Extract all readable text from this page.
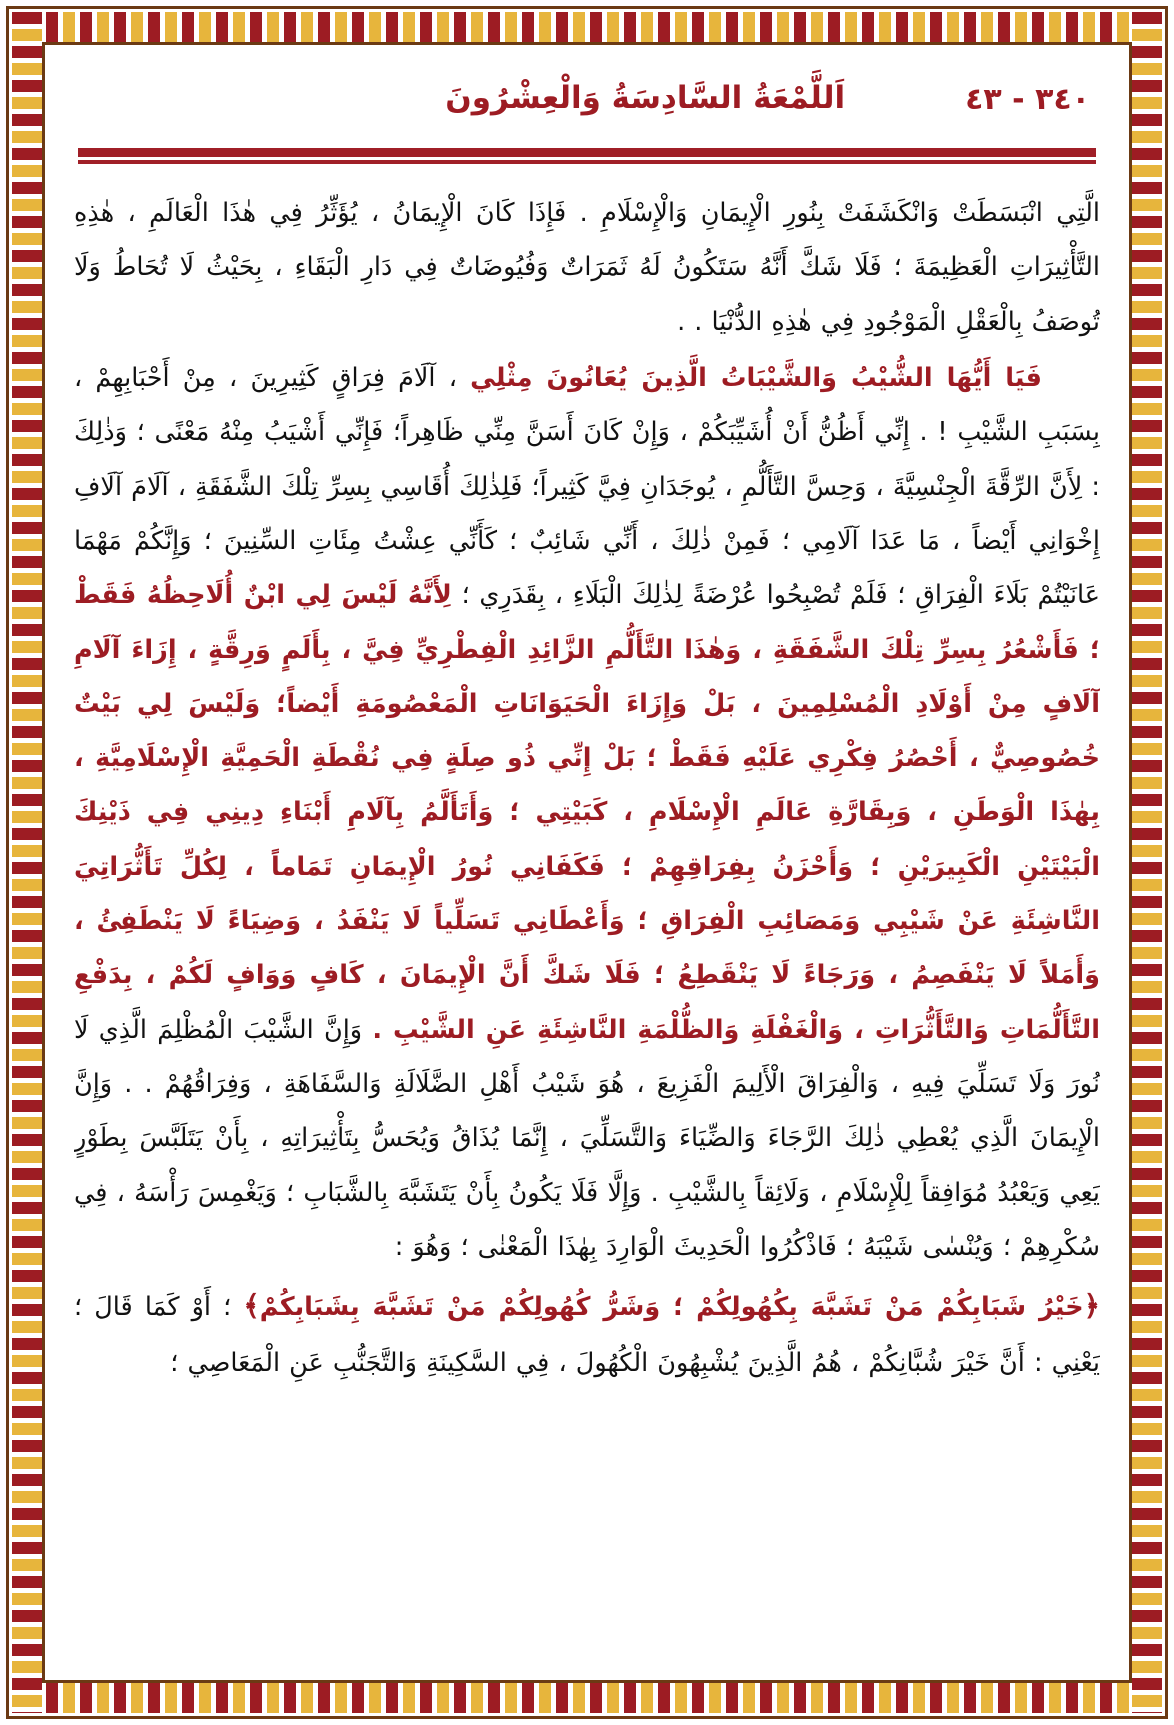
٣٤٠ - ٤٣
اَللَّمْعَةُ السَّادِسَةُ وَالْعِشْرُونَ

الَّتِي انْبَسَطَتْ وَانْكَشَفَتْ بِنُورِ الْإِيمَانِ وَالْإِسْلَامِ . فَإِذَا كَانَ الْإِيمَانُ ، يُؤَثِّرُ فِي هٰذَا الْعَالَمِ ، هٰذِهِ التَّأْثِيرَاتِ الْعَظِيمَةَ ؛ فَلَا شَكَّ أَنَّهُ سَتَكُونُ لَهُ ثَمَرَاتٌ وَفُيُوضَاتٌ فِي دَارِ الْبَقَاءِ ، بِحَيْثُ لَا تُحَاطُ وَلَا تُوصَفُ بِالْعَقْلِ الْمَوْجُودِ فِي هٰذِهِ الدُّنْيَا . .

فَيَا أَيُّهَا الشُّيْبُ وَالشَّيْبَاتُ الَّذِينَ يُعَانُونَ مِثْلِي ، آلَامَ فِرَاقٍ كَثِيرِينَ ، مِنْ أَحْبَابِهِمْ ، بِسَبَبِ الشَّيْبِ ! . إِنِّي أَظُنُّ أَنْ أُشَيِّبَكُمْ ، وَإِنْ كَانَ أَسَنَّ مِنِّي ظَاهِراً؛ فَإِنِّي أَشْيَبُ مِنْهُ مَعْنًى ؛ وَذٰلِكَ : لِأَنَّ الرِّقَّةَ الْجِنْسِيَّةَ ، وَحِسَّ التَّأَلُّمِ ، يُوجَدَانِ فِيَّ كَثِيراً؛ فَلِذٰلِكَ أُقَاسِي بِسِرِّ تِلْكَ الشَّفَقَةِ ، آلَامَ آلَافِ إِخْوَانِي أَيْضاً ، مَا عَدَا آلَامِي ؛ فَمِنْ ذٰلِكَ ، أَنِّي شَائِبٌ ؛ كَأَنِّي عِشْتُ مِئَاتِ السِّنِينَ ؛ وَإِنَّكُمْ مَهْمَا عَانَيْتُمْ بَلَاءَ الْفِرَاقِ ؛ فَلَمْ تُصْبِحُوا عُرْضَةً لِذٰلِكَ الْبَلَاءِ ، بِقَدَرِي ؛ لِأَنَّهُ لَيْسَ لِي ابْنٌ أُلَاحِظُهُ فَقَطْ ؛ فَأَشْعُرُ بِسِرِّ تِلْكَ الشَّفَقَةِ ، وَهٰذَا التَّأَلُّمِ الزَّائِدِ الْفِطْرِيِّ فِيَّ ، بِأَلَمٍ وَرِقَّةٍ ، إِزَاءَ آلَامِ آلَافٍ مِنْ أَوْلَادِ الْمُسْلِمِينَ ، بَلْ وَإِزَاءَ الْحَيَوَانَاتِ الْمَعْصُومَةِ أَيْضاً؛ وَلَيْسَ لِي بَيْتٌ خُصُوصِيٌّ ، أَحْصُرُ فِكْرِي عَلَيْهِ فَقَطْ ؛ بَلْ إِنِّي ذُو صِلَةٍ فِي نُقْطَةِ الْحَمِيَّةِ الْإِسْلَامِيَّةِ ، بِهٰذَا الْوَطَنِ ، وَبِقَارَّةِ عَالَمِ الْإِسْلَامِ ، كَبَيْتِي ؛ وَأَتَأَلَّمُ بِآلَامِ أَبْنَاءِ دِينِي فِي ذَيْنِكَ الْبَيْتَيْنِ الْكَبِيرَيْنِ ؛ وَأَحْزَنُ بِفِرَاقِهِمْ ؛ فَكَفَانِي نُورُ الْإِيمَانِ تَمَاماً ، لِكُلِّ تَأَثُّرَاتِيَ النَّاشِئَةِ عَنْ شَيْبِي وَمَصَائِبِ الْفِرَاقِ ؛ وَأَعْطَانِي تَسَلِّياً لَا يَنْفَدُ ، وَضِيَاءً لَا يَنْطَفِئُ ، وَأَمَلاً لَا يَنْفَصِمُ ، وَرَجَاءً لَا يَنْقَطِعُ ؛ فَلَا شَكَّ أَنَّ الْإِيمَانَ ، كَافٍ وَوَافٍ لَكُمْ ، بِدَفْعِ التَّأَلُّمَاتِ وَالتَّأَثُّرَاتِ ، وَالْغَفْلَةِ وَالظُّلْمَةِ النَّاشِئَةِ عَنِ الشَّيْبِ . وَإِنَّ الشَّيْبَ الْمُظْلِمَ الَّذِي لَا نُورَ وَلَا تَسَلِّيَ فِيهِ ، وَالْفِرَاقَ الْأَلِيمَ الْفَزِيعَ ، هُوَ شَيْبُ أَهْلِ الضَّلَالَةِ وَالسَّفَاهَةِ ، وَفِرَاقُهُمْ . . وَإِنَّ الْإِيمَانَ الَّذِي يُعْطِي ذٰلِكَ الرَّجَاءَ وَالضِّيَاءَ وَالتَّسَلِّيَ ، إِنَّمَا يُذَاقُ وَيُحَسُّ بِتَأْثِيرَاتِهِ ، بِأَنْ يَتَلَبَّسَ بِطَوْرٍ يَعِي وَيَعْبُدُ مُوَافِقاً لِلْإِسْلَامِ ، وَلَائِقاً بِالشَّيْبِ . وَإِلَّا فَلَا يَكُونُ بِأَنْ يَتَشَبَّهَ بِالشَّبَابِ ؛ وَيَغْمِسَ رَأْسَهُ ، فِي سُكْرِهِمْ ؛ وَيُنْسٰى شَيْبَهُ ؛ فَاذْكُرُوا الْحَدِيثَ الْوَارِدَ بِهٰذَا الْمَعْنٰى ؛ وَهُوَ :

﴿خَيْرُ شَبَابِكُمْ مَنْ تَشَبَّهَ بِكُهُولِكُمْ ؛ وَشَرُّ كُهُولِكُمْ مَنْ تَشَبَّهَ بِشَبَابِكُمْ﴾ ؛ أَوْ كَمَا قَالَ ؛ يَعْنِي : أَنَّ خَيْرَ شُبَّانِكُمْ ، هُمُ الَّذِينَ يُشْبِهُونَ الْكُهُولَ ، فِي السَّكِينَةِ وَالتَّجَنُّبِ عَنِ الْمَعَاصِي ؛
